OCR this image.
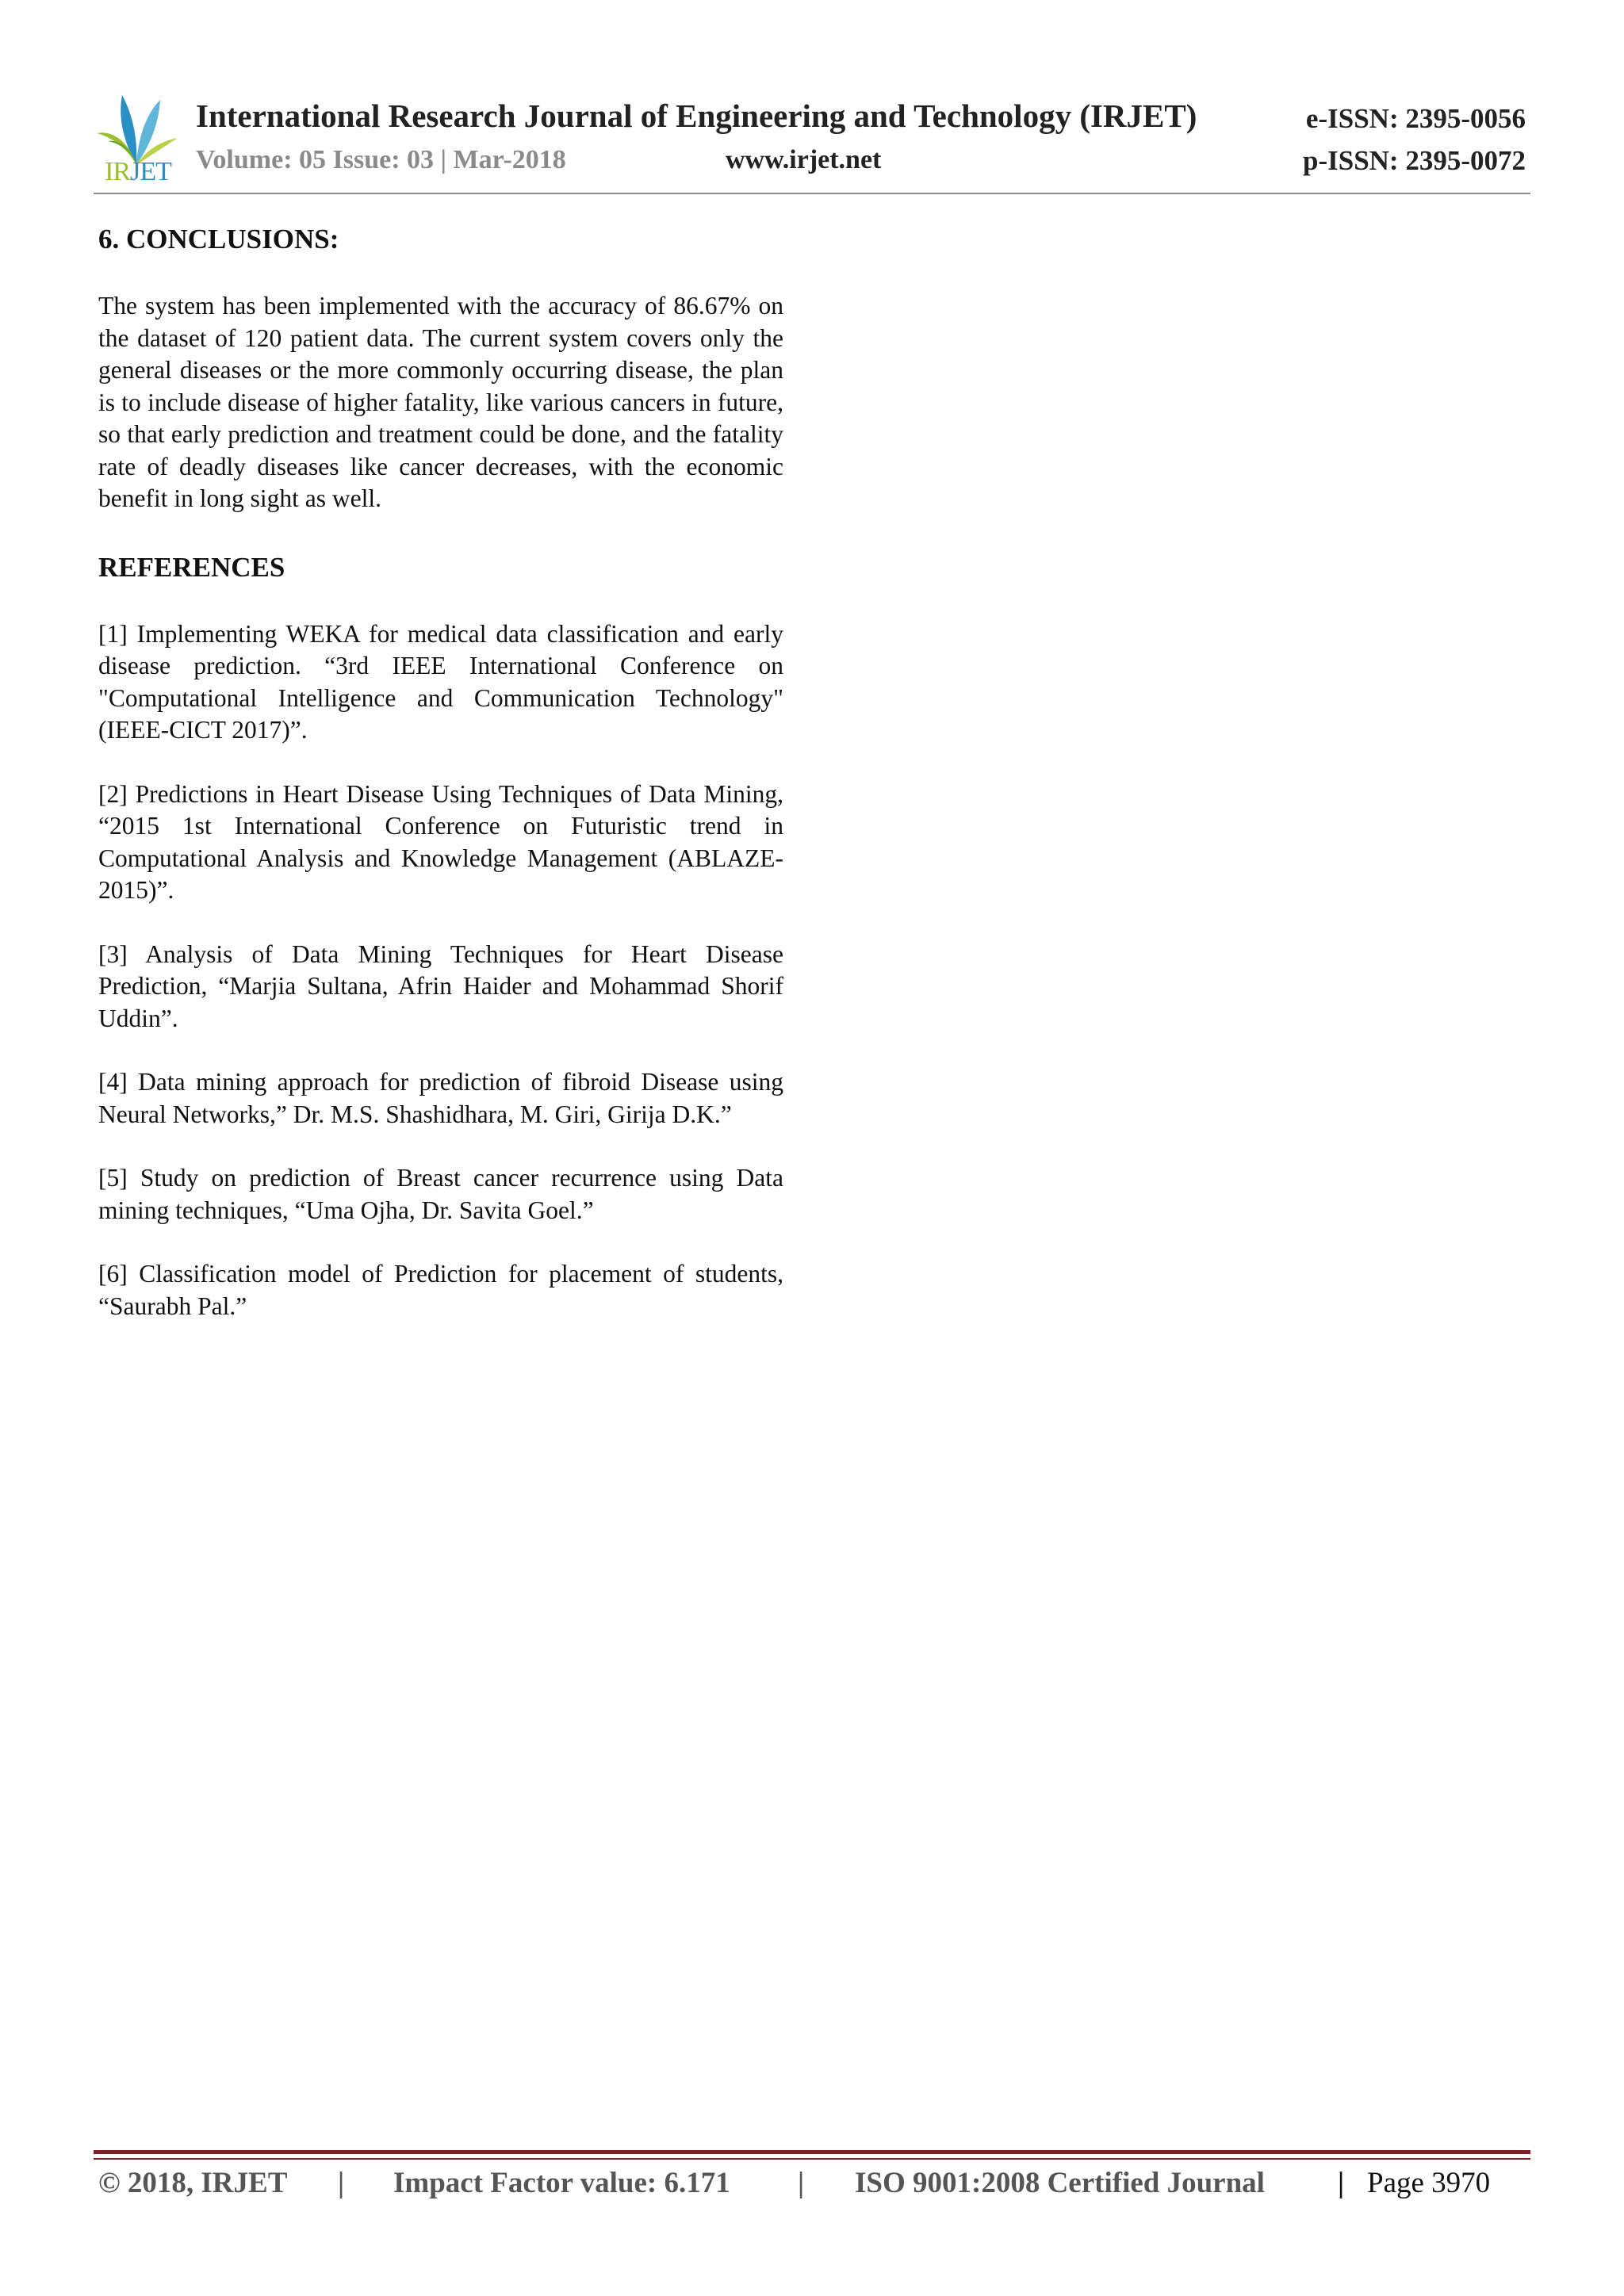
IRJET
International Research Journal of Engineering and Technology (IRJET)	e-ISSN: 2395-0056
Volume: 05 Issue: 03 | Mar-2018	www.irjet.net	p-ISSN: 2395-0072
6. CONCLUSIONS:

The system has been implemented with the accuracy of 86.67% on the dataset of 120 patient data. The current system covers only the general diseases or the more commonly occurring disease, the plan is to include disease of higher fatality, like various cancers in future, so that early prediction and treatment could be done, and the fatality rate of deadly diseases like cancer decreases, with the economic benefit in long sight as well.

REFERENCES

[1] Implementing WEKA for medical data classification and early disease prediction. “3rd IEEE International Conference on "Computational Intelligence and Communication Technology" (IEEE-CICT 2017)”.

[2] Predictions in Heart Disease Using Techniques of Data Mining, “2015 1st International Conference on Futuristic trend in Computational Analysis and Knowledge Management (ABLAZE-2015)”.

[3] Analysis of Data Mining Techniques for Heart Disease Prediction, “Marjia Sultana, Afrin Haider and Mohammad Shorif Uddin”.

[4] Data mining approach for prediction of fibroid Disease using Neural Networks,” Dr. M.S. Shashidhara, M. Giri, Girija D.K.”

[5] Study on prediction of Breast cancer recurrence using Data mining techniques, “Uma Ojha, Dr. Savita Goel.”

[6] Classification model of Prediction for placement of students, “Saurabh Pal.”

© 2018, IRJET | Impact Factor value: 6.171 | ISO 9001:2008 Certified Journal | Page 3970
